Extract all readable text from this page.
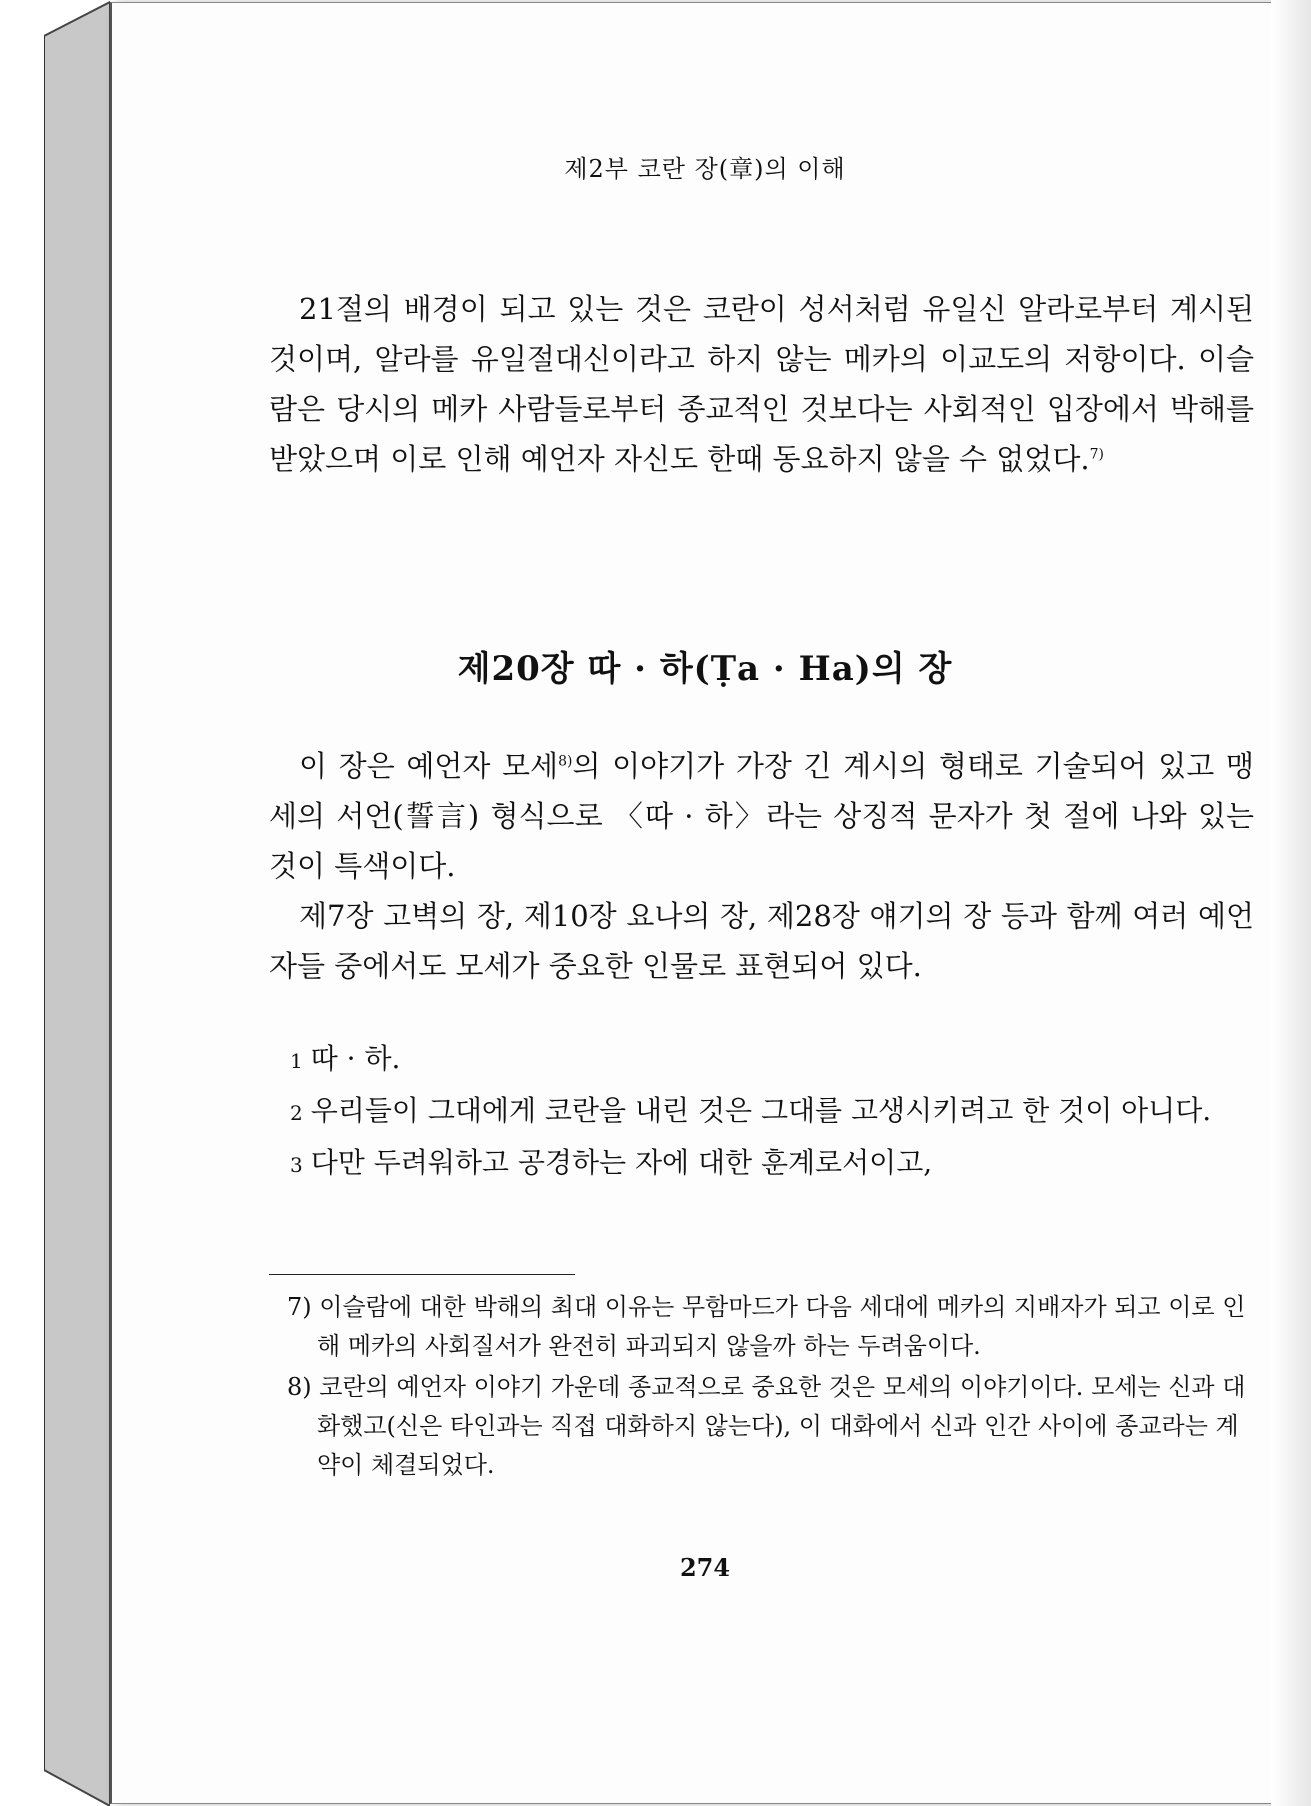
제2부 코란 장(章)의 이해

21절의 배경이 되고 있는 것은 코란이 성서처럼 유일신 알라로부터 계시된 것이며, 알라를 유일절대신이라고 하지 않는 메카의 이교도의 저항이다. 이슬람은 당시의 메카 사람들로부터 종교적인 것보다는 사회적인 입장에서 박해를 받았으며 이로 인해 예언자 자신도 한때 동요하지 않을 수 없었다.$^{7)}$

제20장 따 · 하(Ṭa · Ha)의 장

이 장은 예언자 모세$^{8)}$의 이야기가 가장 긴 계시의 형태로 기술되어 있고 맹세의 서언(誓言) 형식으로 〈따 · 하〉라는 상징적 문자가 첫 절에 나와 있는 것이 특색이다.

제7장 고벽의 장, 제10장 요나의 장, 제28장 얘기의 장 등과 함께 여러 예언자들 중에서도 모세가 중요한 인물로 표현되어 있다.

1 따 · 하.

2 우리들이 그대에게 코란을 내린 것은 그대를 고생시키려고 한 것이 아니다.

3 다만 두려워하고 공경하는 자에 대한 훈계로서이고,

7) 이슬람에 대한 박해의 최대 이유는 무함마드가 다음 세대에 메카의 지배자가 되고 이로 인해 메카의 사회질서가 완전히 파괴되지 않을까 하는 두려움이다.

8) 코란의 예언자 이야기 가운데 종교적으로 중요한 것은 모세의 이야기이다. 모세는 신과 대화했고(신은 타인과는 직접 대화하지 않는다), 이 대화에서 신과 인간 사이에 종교라는 계약이 체결되었다.

274
